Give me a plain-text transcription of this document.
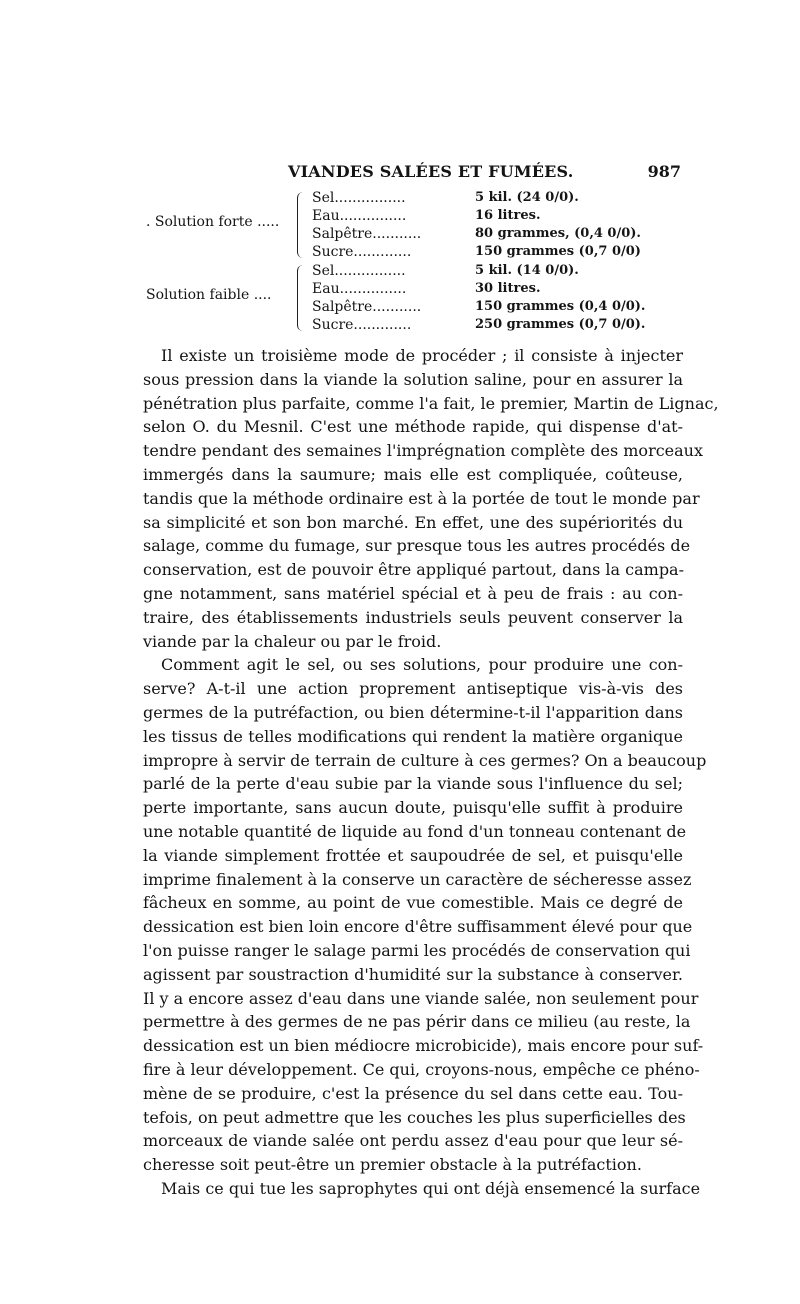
VIANDES SALÉES ET FUMÉES.	987
. Solution forte .....
Sel................	5 kil. (24 0/0).
Eau...............	16 litres.
Salpêtre...........	80 grammes, (0,4 0/0).
Sucre.............	150 grammes (0,7 0/0)
Solution faible ....
Sel................	5 kil. (14 0/0).
Eau...............	30 litres.
Salpêtre...........	150 grammes (0,4 0/0).
Sucre.............	250 grammes (0,7 0/0).

Il existe un troisième mode de procéder ; il consiste à injecter
sous pression dans la viande la solution saline, pour en assurer la
pénétration plus parfaite, comme l'a fait, le premier, Martin de Lignac,
selon O. du Mesnil. C'est une méthode rapide, qui dispense d'at-
tendre pendant des semaines l'imprégnation complète des morceaux
immergés dans la saumure; mais elle est compliquée, coûteuse,
tandis que la méthode ordinaire est à la portée de tout le monde par
sa simplicité et son bon marché. En effet, une des supériorités du
salage, comme du fumage, sur presque tous les autres procédés de
conservation, est de pouvoir être appliqué partout, dans la campa-
gne notamment, sans matériel spécial et à peu de frais : au con-
traire, des établissements industriels seuls peuvent conserver la
viande par la chaleur ou par le froid.

Comment agit le sel, ou ses solutions, pour produire une con-
serve? A-t-il une action proprement antiseptique vis-à-vis des
germes de la putréfaction, ou bien détermine-t-il l'apparition dans
les tissus de telles modifications qui rendent la matière organique
impropre à servir de terrain de culture à ces germes? On a beaucoup
parlé de la perte d'eau subie par la viande sous l'influence du sel;
perte importante, sans aucun doute, puisqu'elle suffit à produire
une notable quantité de liquide au fond d'un tonneau contenant de
la viande simplement frottée et saupoudrée de sel, et puisqu'elle
imprime finalement à la conserve un caractère de sécheresse assez
fâcheux en somme, au point de vue comestible. Mais ce degré de
dessication est bien loin encore d'être suffisamment élevé pour que
l'on puisse ranger le salage parmi les procédés de conservation qui
agissent par soustraction d'humidité sur la substance à conserver.
Il y a encore assez d'eau dans une viande salée, non seulement pour
permettre à des germes de ne pas périr dans ce milieu (au reste, la
dessication est un bien médiocre microbicide), mais encore pour suf-
fire à leur développement. Ce qui, croyons-nous, empêche ce phéno-
mène de se produire, c'est la présence du sel dans cette eau. Tou-
tefois, on peut admettre que les couches les plus superficielles des
morceaux de viande salée ont perdu assez d'eau pour que leur sé-
cheresse soit peut-être un premier obstacle à la putréfaction.

Mais ce qui tue les saprophytes qui ont déjà ensemencé la surface
